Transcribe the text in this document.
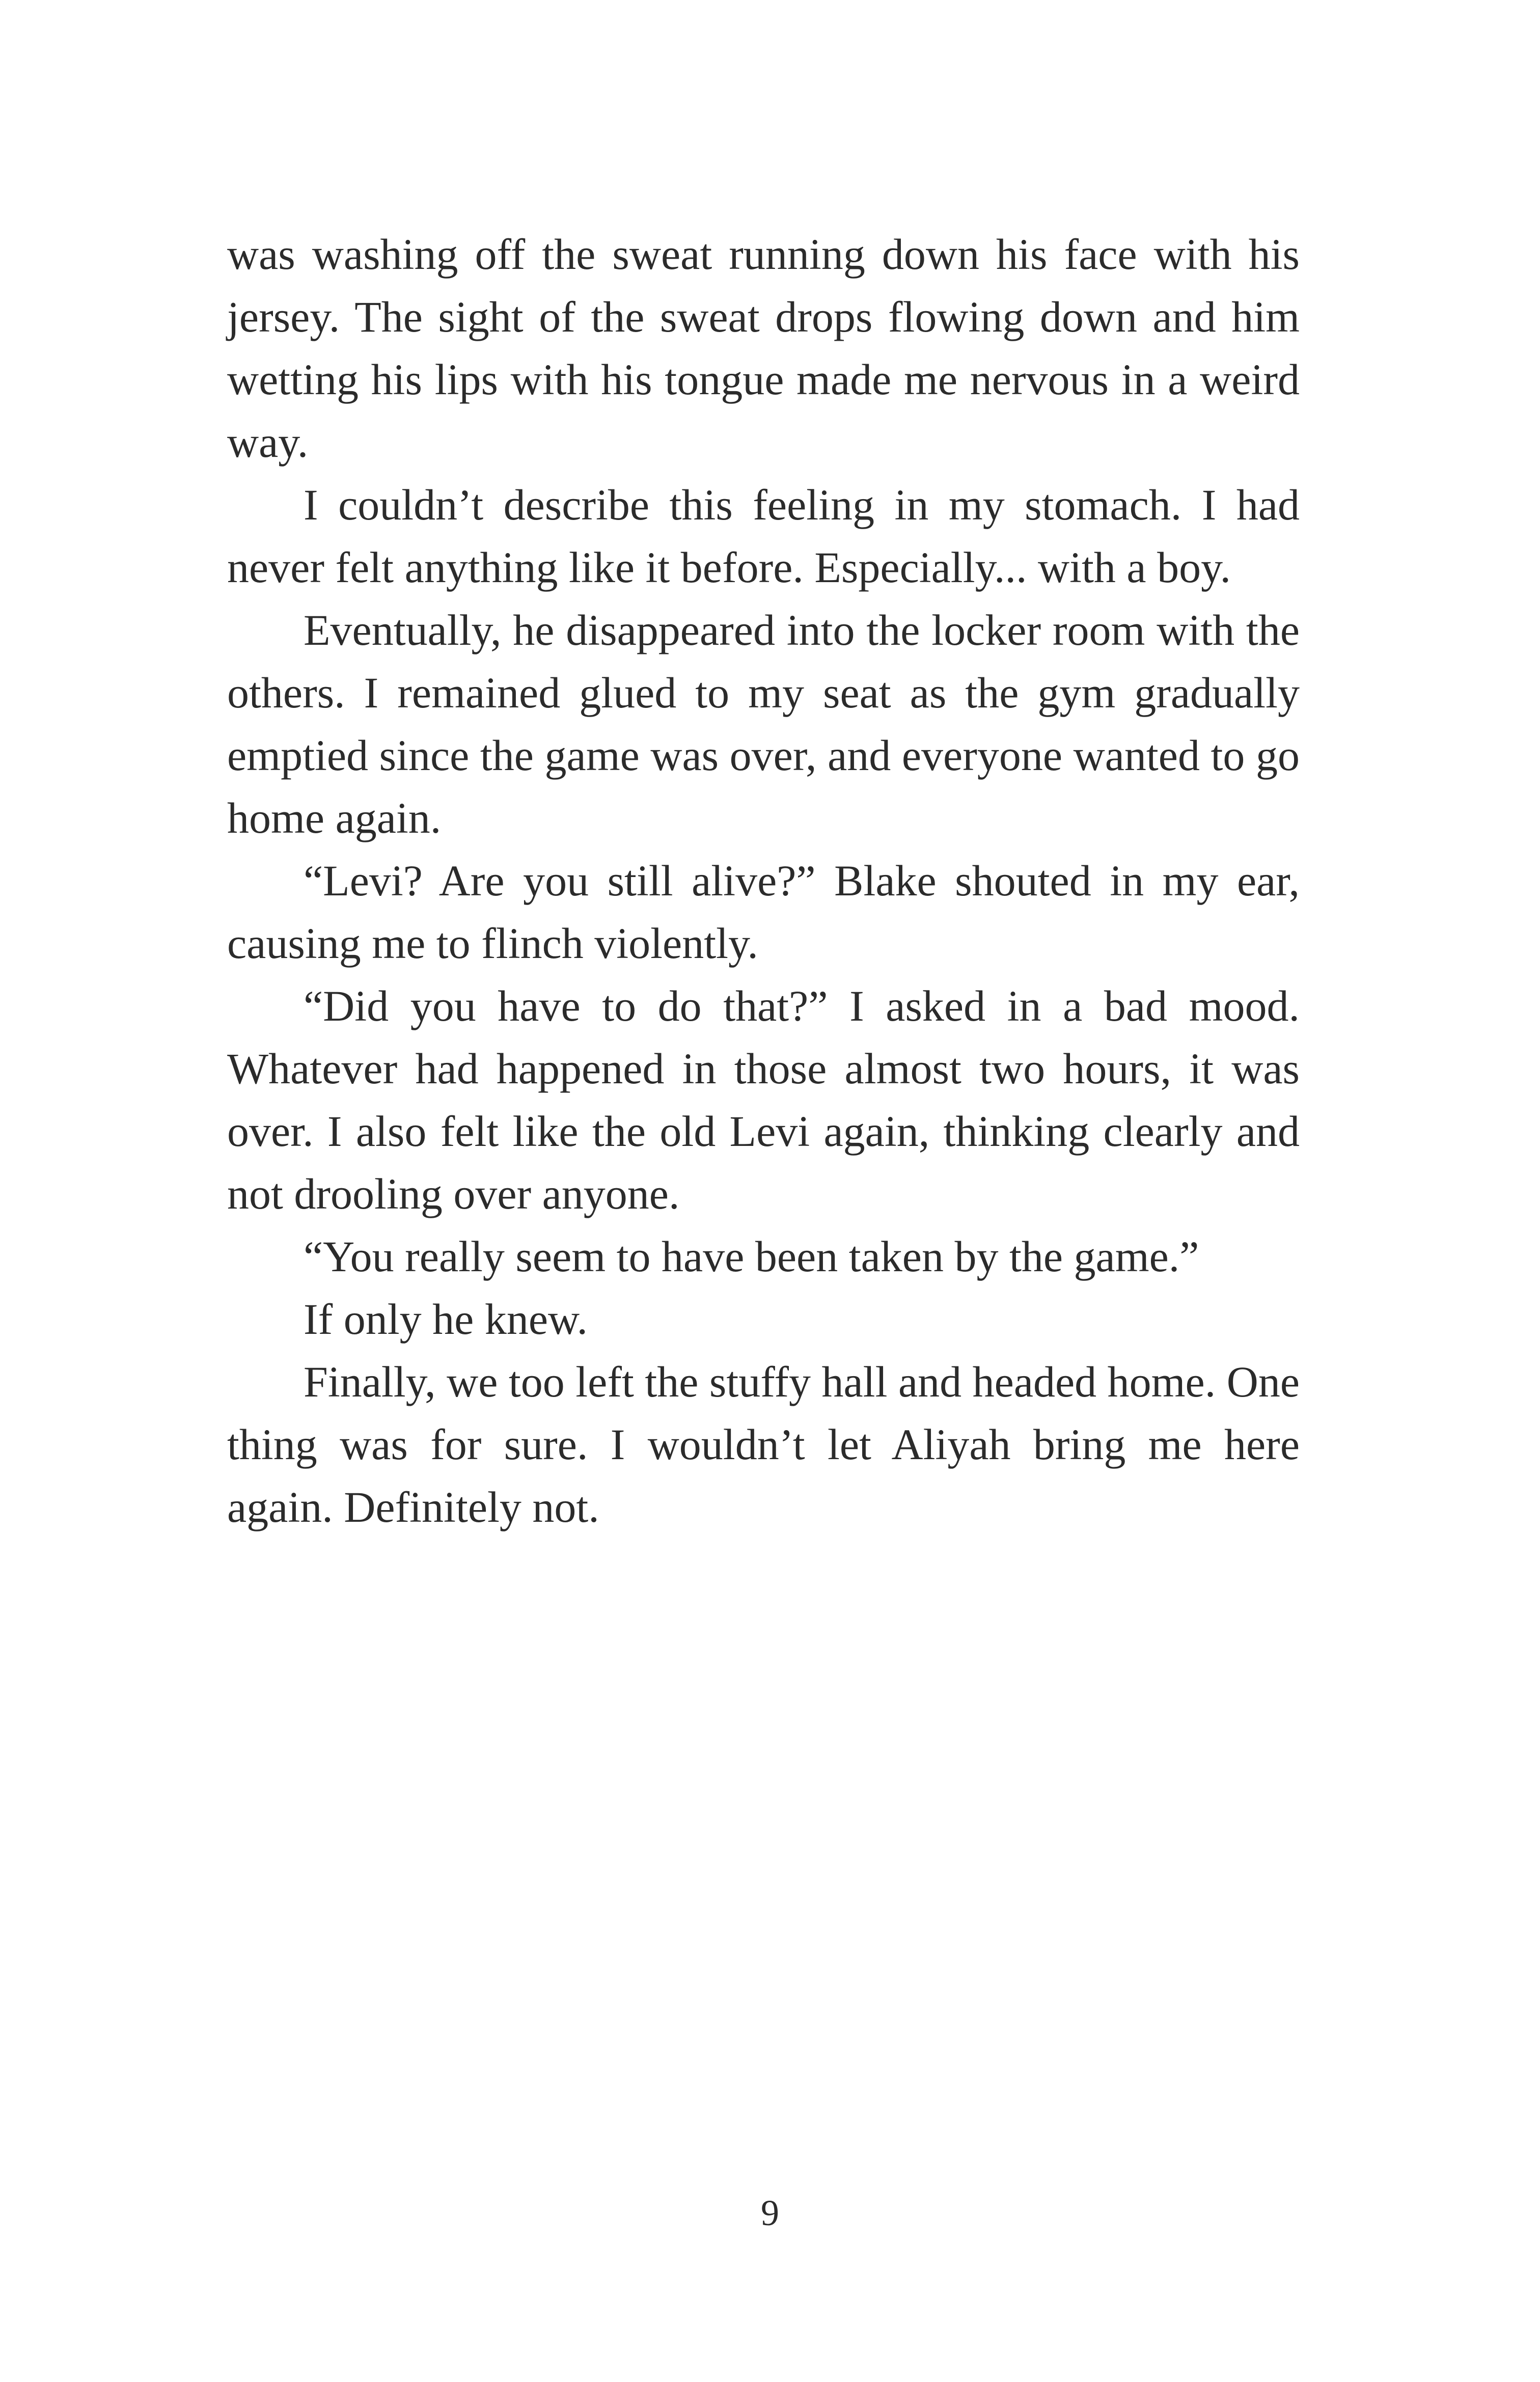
was washing off the sweat running down his face with his jersey. The sight of the sweat drops flowing down and him wetting his lips with his tongue made me nervous in a weird way.

I couldn’t describe this feeling in my stomach. I had never felt anything like it before. Especially... with a boy.

Eventually, he disappeared into the locker room with the others. I remained glued to my seat as the gym gradually emptied since the game was over, and everyone wanted to go home again.

“Levi? Are you still alive?” Blake shouted in my ear, causing me to flinch violently.

“Did you have to do that?” I asked in a bad mood. Whatever had happened in those almost two hours, it was over. I also felt like the old Levi again, thinking clearly and not drooling over anyone.

“You really seem to have been taken by the game.”

If only he knew.

Finally, we too left the stuffy hall and headed home. One thing was for sure. I wouldn’t let Aliyah bring me here again. Definitely not.

9
